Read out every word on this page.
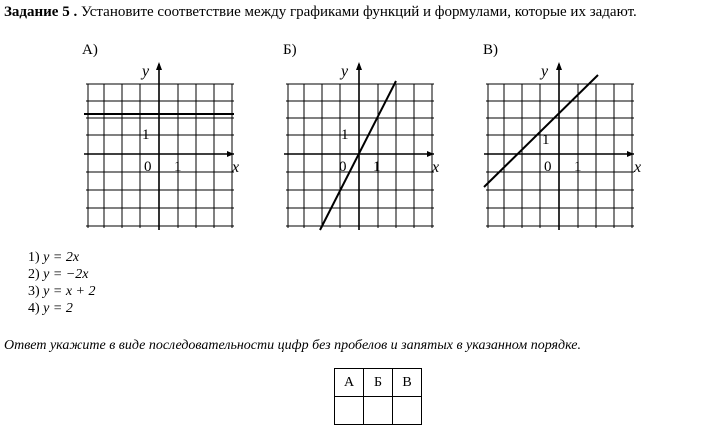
Задание 5 . Установите соответствие между графиками функций и формулами, которые их задают.
А)
x
y
0 1
1
Б)
x
y
0 1
1
В)
x
y
0 1
1
1) y = 2x
2) y = −2x
3) y = x + 2
4) y = 2
Ответ укажите в виде последовательности цифр без пробелов и запятых в указанном порядке.
А	Б	В
